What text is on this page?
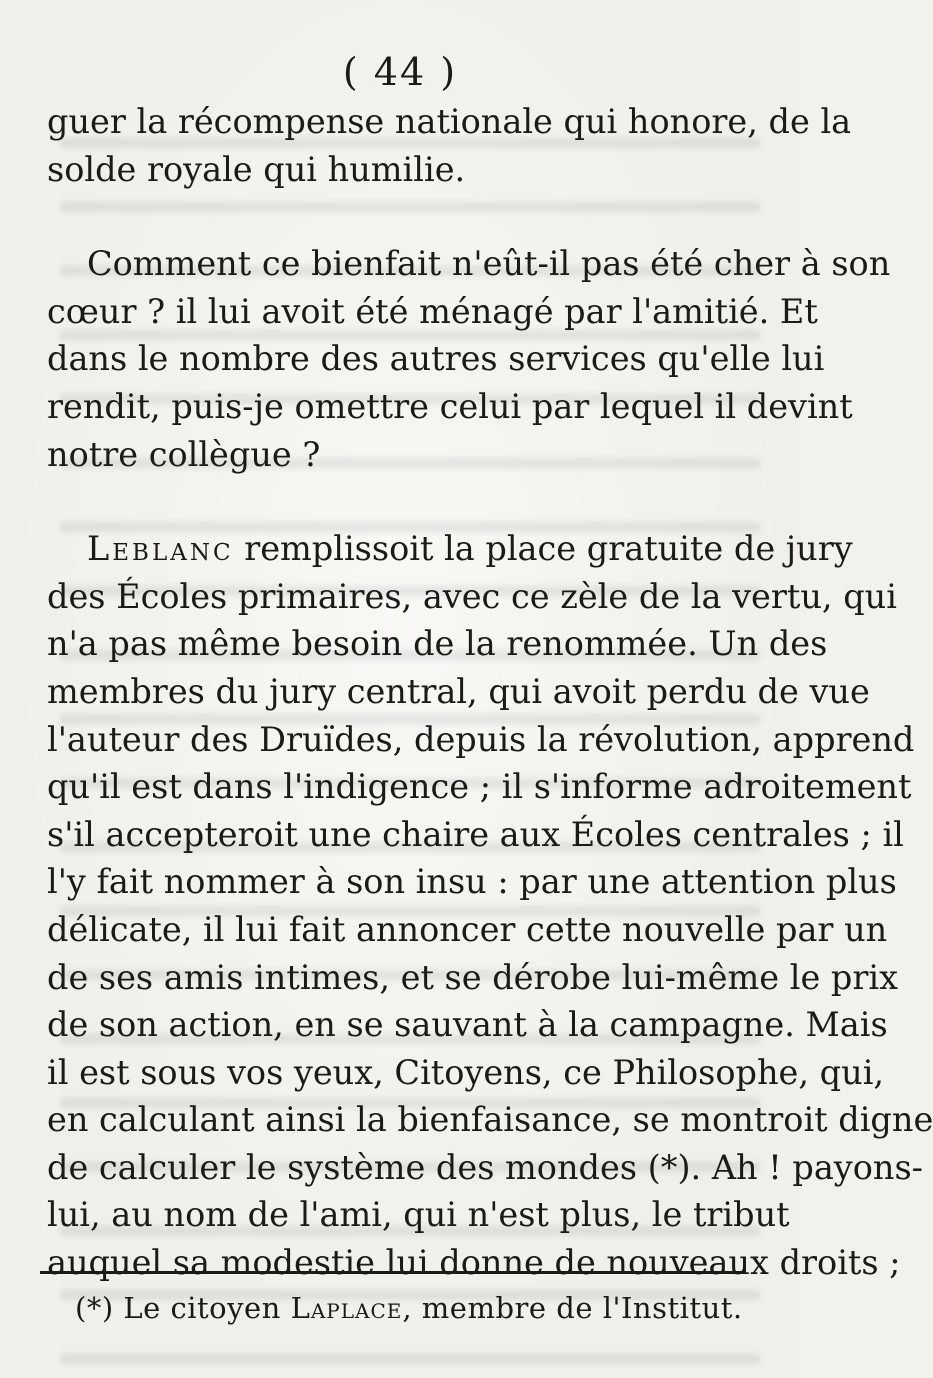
( 44 )

guer la récompense nationale qui honore, de la
solde royale qui humilie.

Comment ce bienfait n'eût-il pas été cher à son
cœur ? il lui avoit été ménagé par l'amitié. Et
dans le nombre des autres services qu'elle lui
rendit, puis-je omettre celui par lequel il devint
notre collègue ?

Leblanc remplissoit la place gratuite de jury
des Écoles primaires, avec ce zèle de la vertu, qui
n'a pas même besoin de la renommée. Un des
membres du jury central, qui avoit perdu de vue
l'auteur des Druïdes, depuis la révolution, apprend
qu'il est dans l'indigence ; il s'informe adroitement
s'il accepteroit une chaire aux Écoles centrales ; il
l'y fait nommer à son insu : par une attention plus
délicate, il lui fait annoncer cette nouvelle par un
de ses amis intimes, et se dérobe lui-même le prix
de son action, en se sauvant à la campagne. Mais
il est sous vos yeux, Citoyens, ce Philosophe, qui,
en calculant ainsi la bienfaisance, se montroit digne
de calculer le système des mondes (*). Ah ! payons-
lui, au nom de l'ami, qui n'est plus, le tribut
auquel sa modestie lui donne de nouveaux droits ;

(*) Le citoyen Laplace, membre de l'Institut.
